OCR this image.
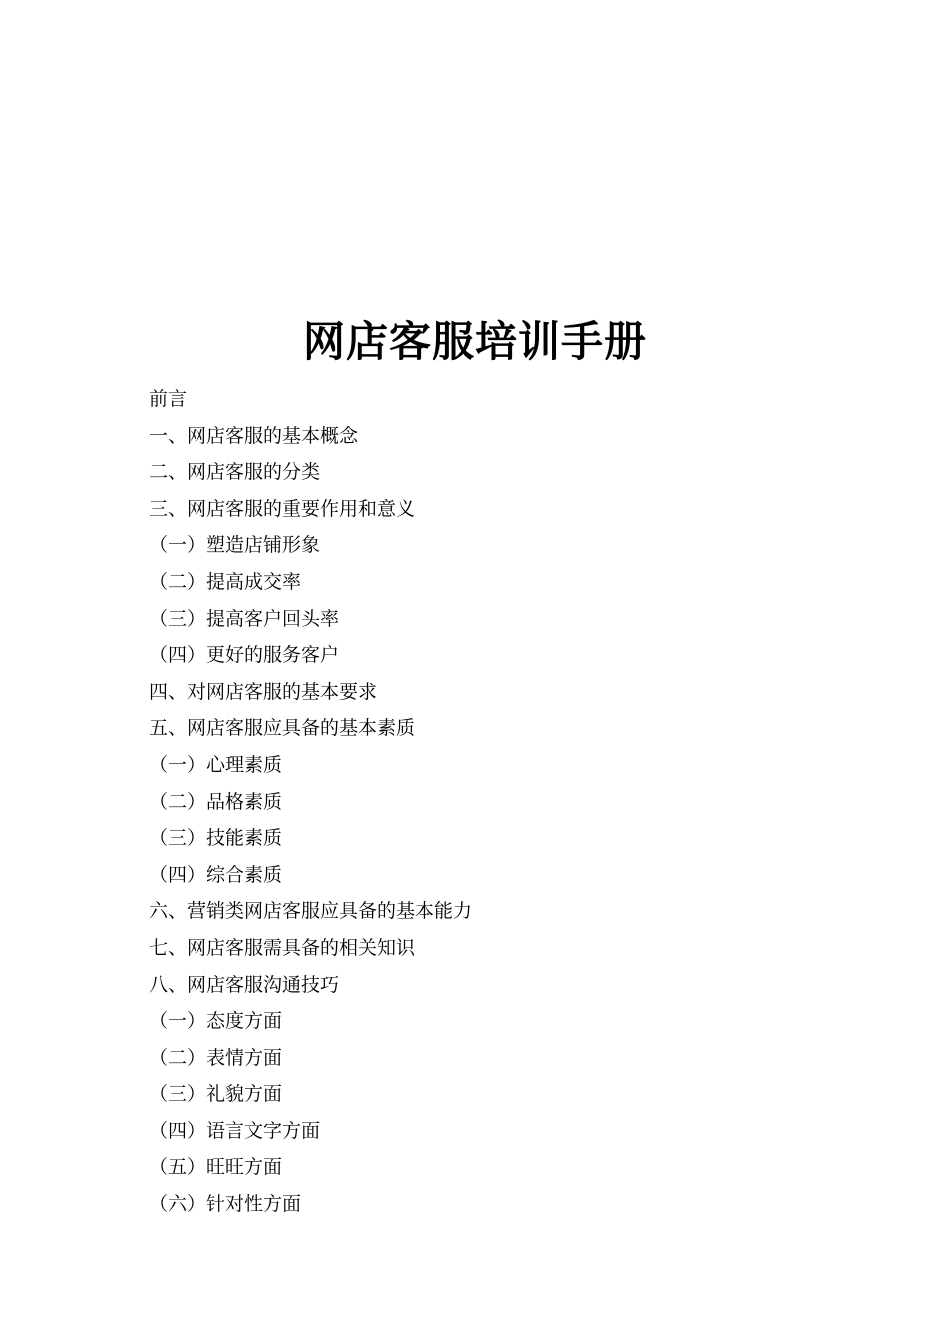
网店客服培训手册
前言
一、网店客服的基本概念
二、网店客服的分类
三、网店客服的重要作用和意义
（一）塑造店铺形象
（二）提高成交率
（三）提高客户回头率
（四）更好的服务客户
四、对网店客服的基本要求
五、网店客服应具备的基本素质
（一）心理素质
（二）品格素质
（三）技能素质
（四）综合素质
六、营销类网店客服应具备的基本能力
七、网店客服需具备的相关知识
八、网店客服沟通技巧
（一）态度方面
（二）表情方面
（三）礼貌方面
（四）语言文字方面
（五）旺旺方面
（六）针对性方面
